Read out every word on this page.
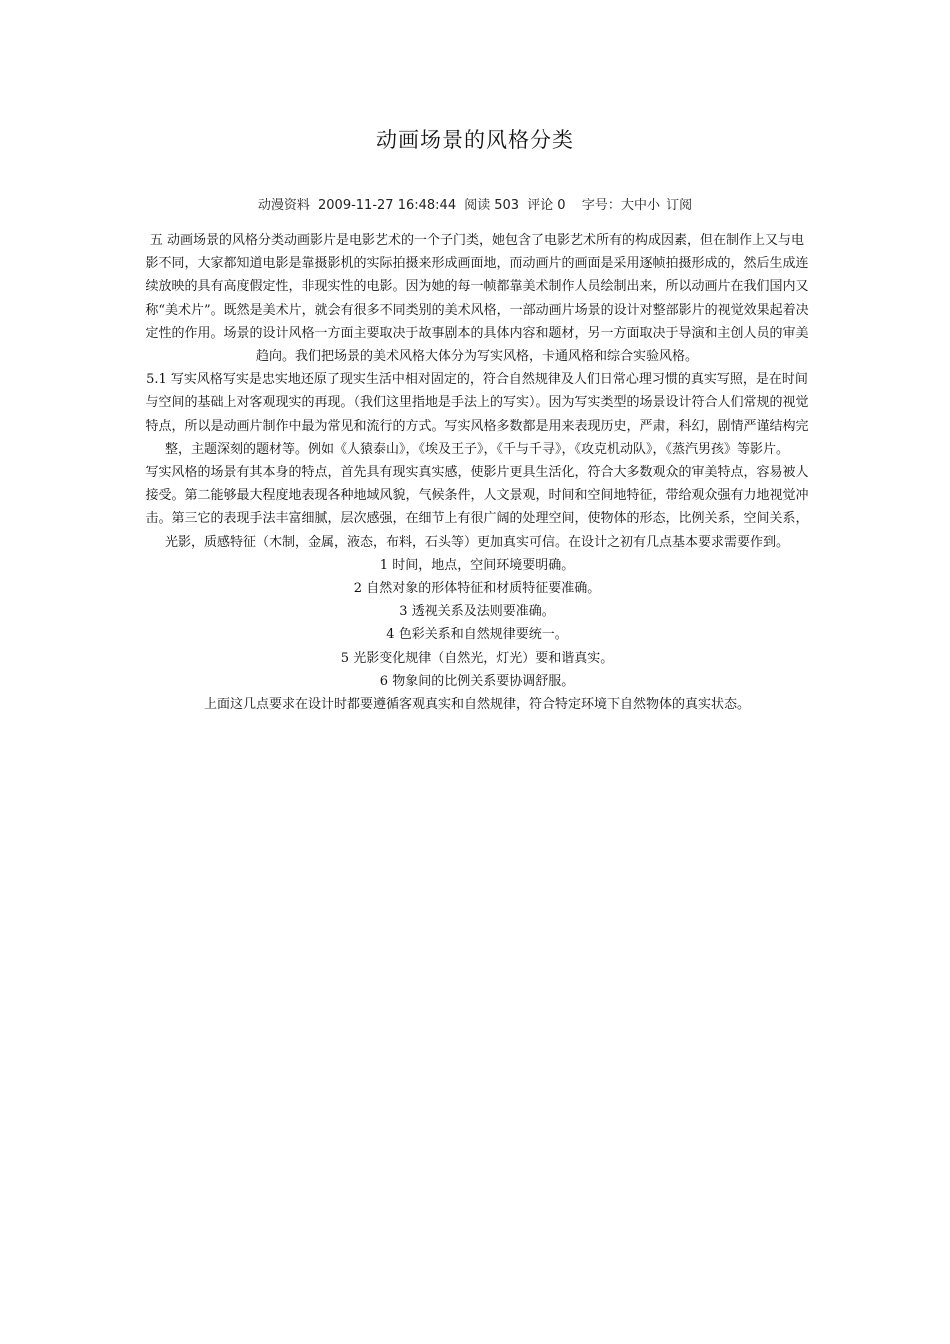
动画场景的风格分类
动漫资料 2009-11-27 16:48:44 阅读 503 评论 0 字号：大中小 订阅

五 动画场景的风格分类动画影片是电影艺术的一个子门类，她包含了电影艺术所有的构成因素，但在制作上又与电影不同，大家都知道电影是靠摄影机的实际拍摄来形成画面地，而动画片的画面是采用逐帧拍摄形成的，然后生成连续放映的具有高度假定性，非现实性的电影。因为她的每一帧都靠美术制作人员绘制出来，所以动画片在我们国内又称“美术片”。既然是美术片，就会有很多不同类别的美术风格，一部动画片场景的设计对整部影片的视觉效果起着决定性的作用。场景的设计风格一方面主要取决于故事剧本的具体内容和题材，另一方面取决于导演和主创人员的审美趋向。我们把场景的美术风格大体分为写实风格，卡通风格和综合实验风格。

5.1 写实风格写实是忠实地还原了现实生活中相对固定的，符合自然规律及人们日常心理习惯的真实写照，是在时间与空间的基础上对客观现实的再现。（我们这里指地是手法上的写实）。因为写实类型的场景设计符合人们常规的视觉特点，所以是动画片制作中最为常见和流行的方式。写实风格多数都是用来表现历史，严肃，科幻，剧情严谨结构完整，主题深刻的题材等。例如《人猿泰山》，《埃及王子》，《千与千寻》，《攻克机动队》，《蒸汽男孩》等影片。

写实风格的场景有其本身的特点，首先具有现实真实感，使影片更具生活化，符合大多数观众的审美特点，容易被人接受。第二能够最大程度地表现各种地域风貌，气候条件，人文景观，时间和空间地特征，带给观众强有力地视觉冲击。第三它的表现手法丰富细腻，层次感强，在细节上有很广阔的处理空间，使物体的形态，比例关系，空间关系，光影，质感特征（木制，金属，液态，布料，石头等）更加真实可信。在设计之初有几点基本要求需要作到。

1 时间，地点，空间环境要明确。

2 自然对象的形体特征和材质特征要准确。

3 透视关系及法则要准确。

4 色彩关系和自然规律要统一。

5 光影变化规律（自然光，灯光）要和谐真实。

6 物象间的比例关系要协调舒服。

上面这几点要求在设计时都要遵循客观真实和自然规律，符合特定环境下自然物体的真实状态。
